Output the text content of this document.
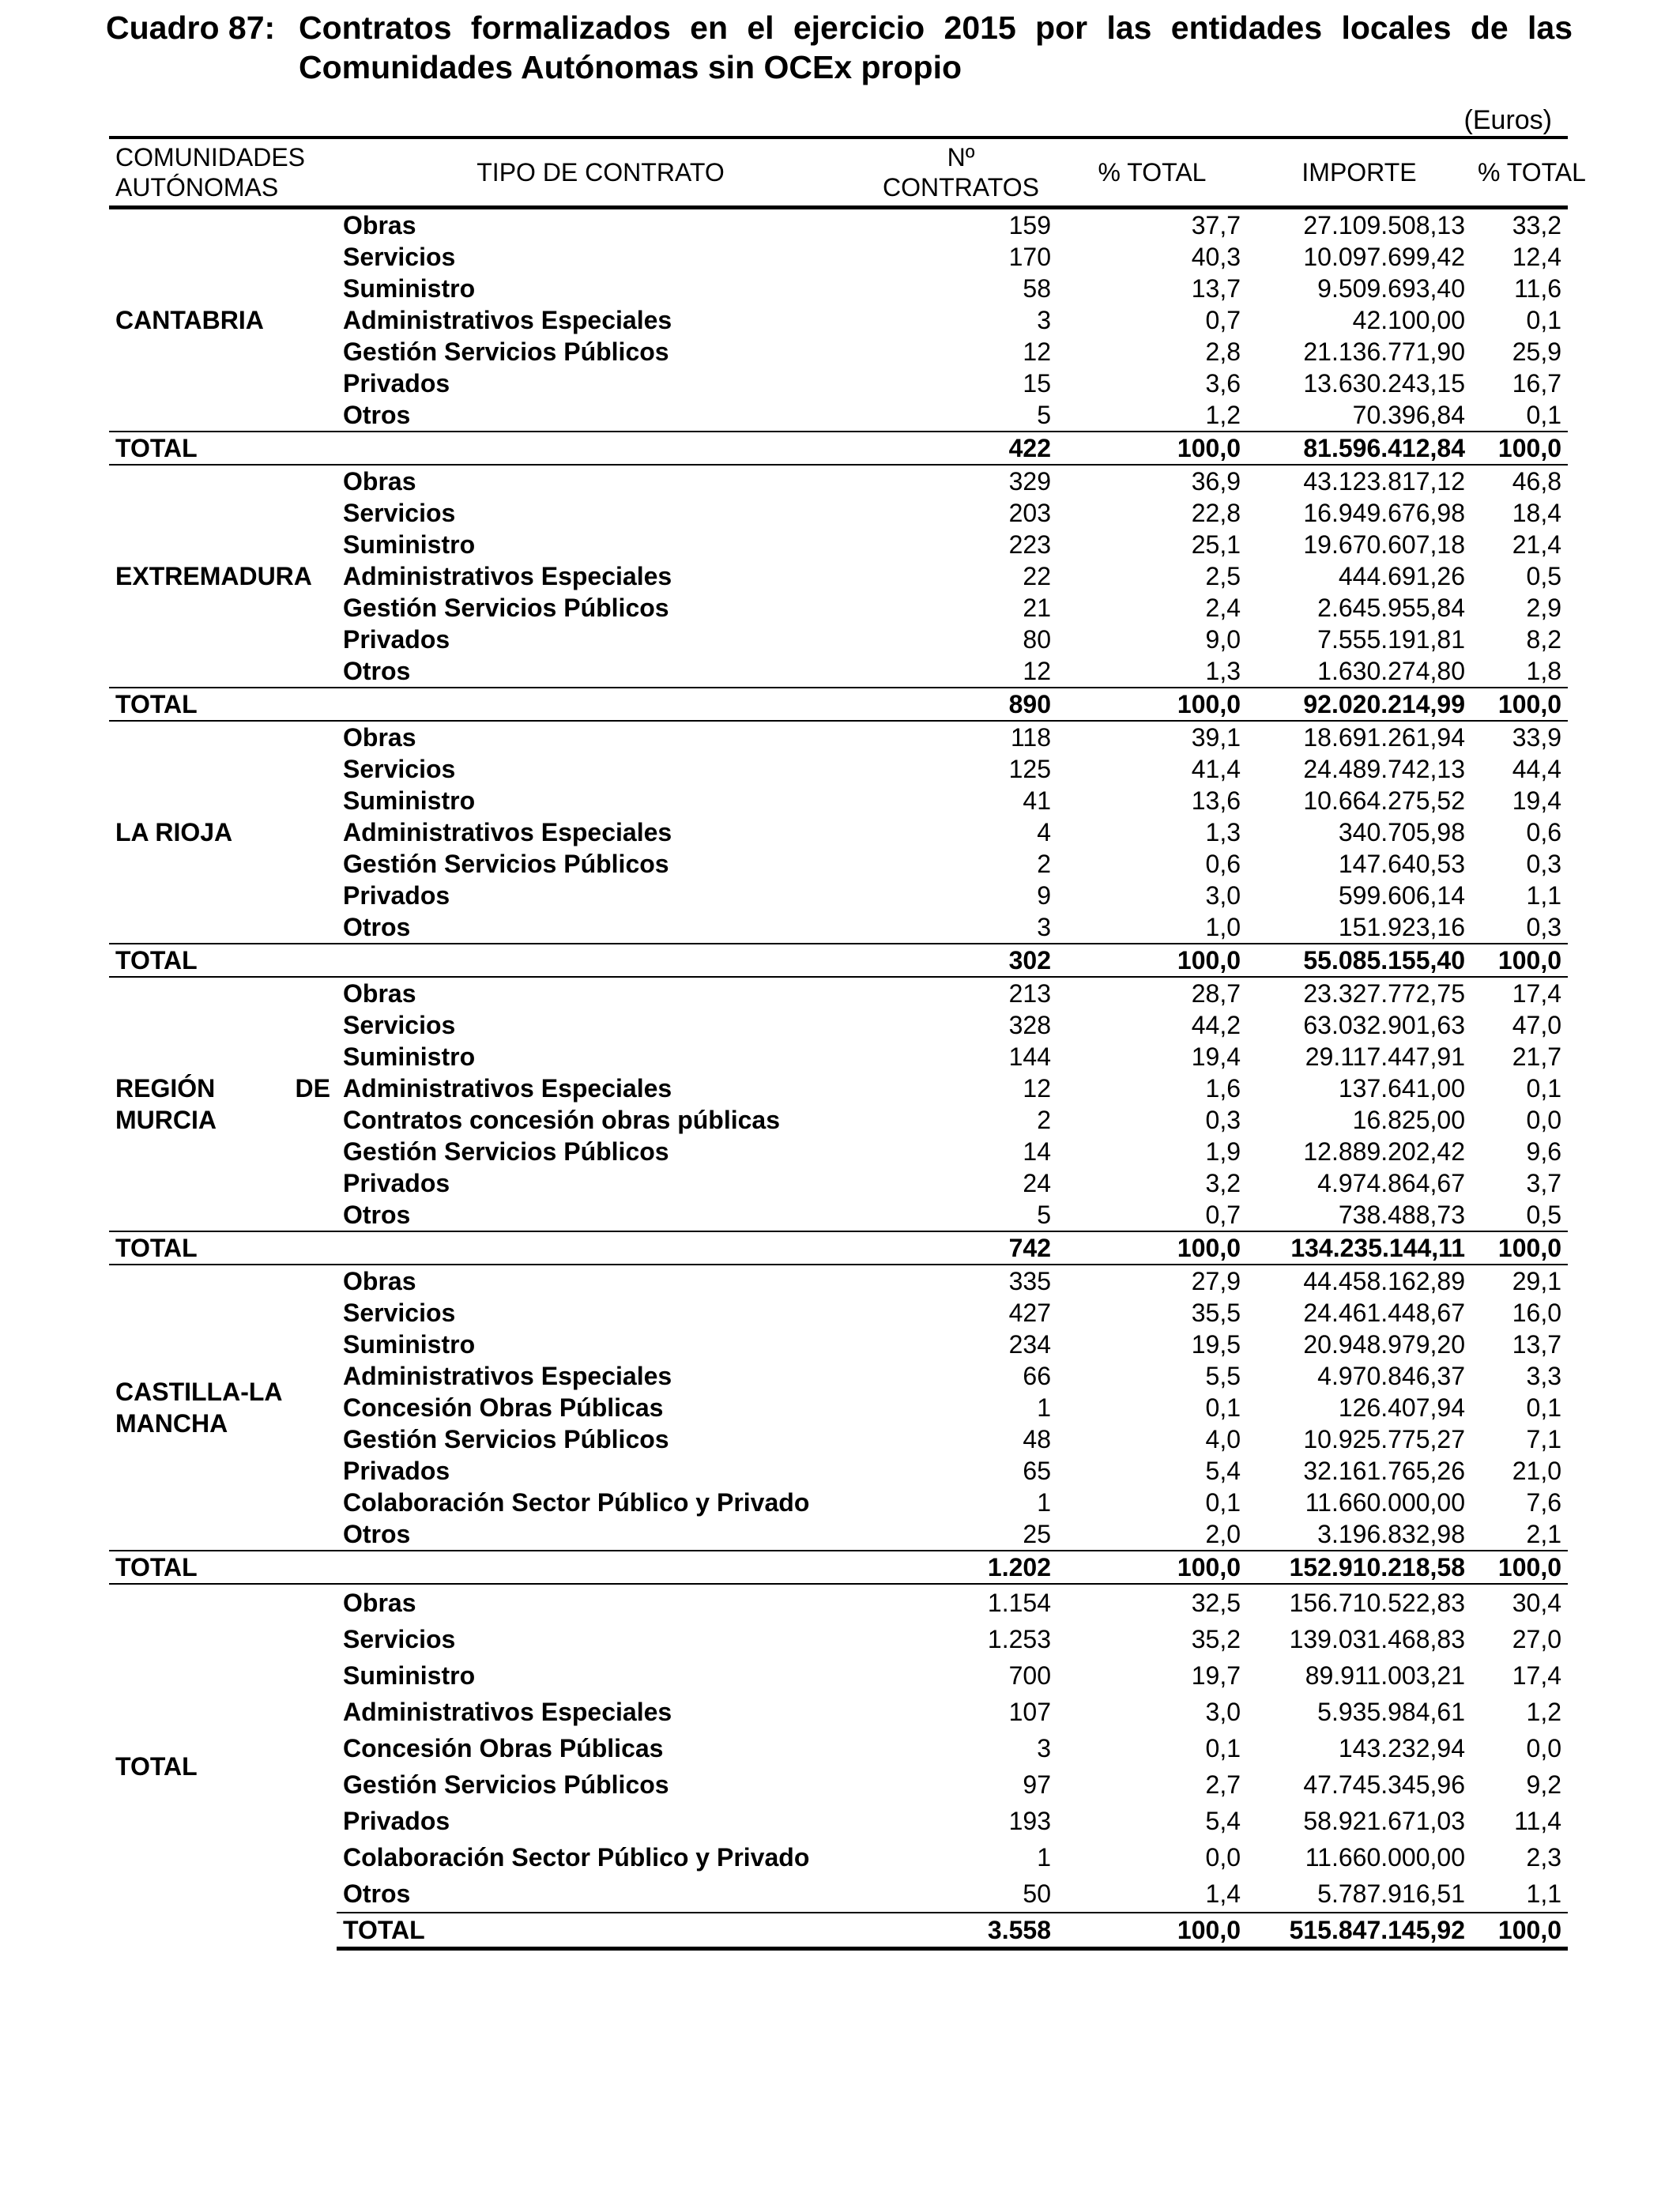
Cuadro 87: Contratos formalizados en el ejercicio 2015 por las entidades locales de las Comunidades Autónomas sin OCEx propio
(Euros)
COMUNIDADES AUTÓNOMAS	TIPO DE CONTRATO	Nº CONTRATOS	% TOTAL	IMPORTE	% TOTAL
CANTABRIA	Obras	159	37,7	27.109.508,13	33,2
	Servicios	170	40,3	10.097.699,42	12,4
	Suministro	58	13,7	9.509.693,40	11,6
	Administrativos Especiales	3	0,7	42.100,00	0,1
	Gestión Servicios Públicos	12	2,8	21.136.771,90	25,9
	Privados	15	3,6	13.630.243,15	16,7
	Otros	5	1,2	70.396,84	0,1
TOTAL		422	100,0	81.596.412,84	100,0
EXTREMADURA	Obras	329	36,9	43.123.817,12	46,8
	Servicios	203	22,8	16.949.676,98	18,4
	Suministro	223	25,1	19.670.607,18	21,4
	Administrativos Especiales	22	2,5	444.691,26	0,5
	Gestión Servicios Públicos	21	2,4	2.645.955,84	2,9
	Privados	80	9,0	7.555.191,81	8,2
	Otros	12	1,3	1.630.274,80	1,8
TOTAL		890	100,0	92.020.214,99	100,0
LA RIOJA	Obras	118	39,1	18.691.261,94	33,9
	Servicios	125	41,4	24.489.742,13	44,4
	Suministro	41	13,6	10.664.275,52	19,4
	Administrativos Especiales	4	1,3	340.705,98	0,6
	Gestión Servicios Públicos	2	0,6	147.640,53	0,3
	Privados	9	3,0	599.606,14	1,1
	Otros	3	1,0	151.923,16	0,3
TOTAL		302	100,0	55.085.155,40	100,0
REGIÓN DE MURCIA	Obras	213	28,7	23.327.772,75	17,4
	Servicios	328	44,2	63.032.901,63	47,0
	Suministro	144	19,4	29.117.447,91	21,7
	Administrativos Especiales	12	1,6	137.641,00	0,1
	Contratos concesión obras públicas	2	0,3	16.825,00	0,0
	Gestión Servicios Públicos	14	1,9	12.889.202,42	9,6
	Privados	24	3,2	4.974.864,67	3,7
	Otros	5	0,7	738.488,73	0,5
TOTAL		742	100,0	134.235.144,11	100,0
CASTILLA-LA MANCHA	Obras	335	27,9	44.458.162,89	29,1
	Servicios	427	35,5	24.461.448,67	16,0
	Suministro	234	19,5	20.948.979,20	13,7
	Administrativos Especiales	66	5,5	4.970.846,37	3,3
	Concesión Obras Públicas	1	0,1	126.407,94	0,1
	Gestión Servicios Públicos	48	4,0	10.925.775,27	7,1
	Privados	65	5,4	32.161.765,26	21,0
	Colaboración Sector Público y Privado	1	0,1	11.660.000,00	7,6
	Otros	25	2,0	3.196.832,98	2,1
TOTAL		1.202	100,0	152.910.218,58	100,0
TOTAL	Obras	1.154	32,5	156.710.522,83	30,4
	Servicios	1.253	35,2	139.031.468,83	27,0
	Suministro	700	19,7	89.911.003,21	17,4
	Administrativos Especiales	107	3,0	5.935.984,61	1,2
	Concesión Obras Públicas	3	0,1	143.232,94	0,0
	Gestión Servicios Públicos	97	2,7	47.745.345,96	9,2
	Privados	193	5,4	58.921.671,03	11,4
	Colaboración Sector Público y Privado	1	0,0	11.660.000,00	2,3
	Otros	50	1,4	5.787.916,51	1,1
	TOTAL	3.558	100,0	515.847.145,92	100,0
